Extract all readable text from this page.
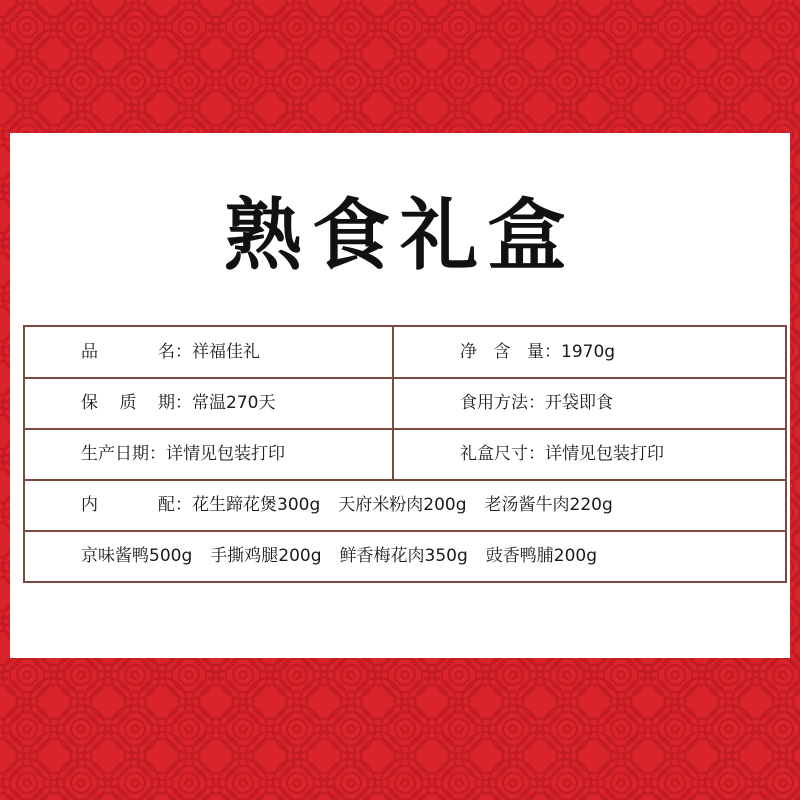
熟食礼盒
品名：祥福佳礼	净含量：1970g
保质期：常温270天	食用方法：开袋即食
生产日期：详情见包装打印	礼盒尺寸：详情见包装打印
内配：花生蹄花煲300g 天府米粉肉200g 老汤酱牛肉220g
京味酱鸭500g 手撕鸡腿200g 鲜香梅花肉350g 豉香鸭脯200g
